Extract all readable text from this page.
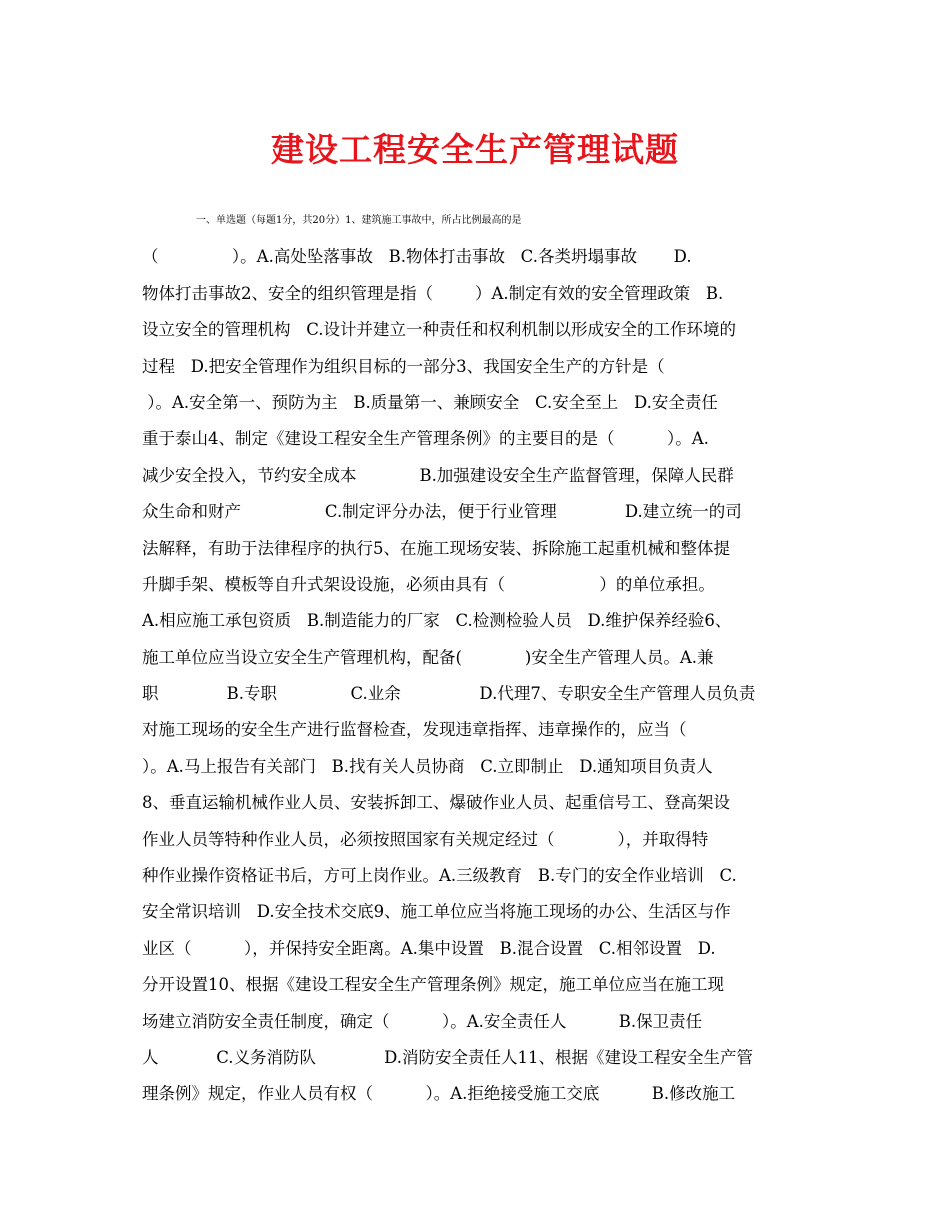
建设工程安全生产管理试题
一、单选题（每题1分，共20分）1、建筑施工事故中，所占比例最高的是
（              ）。A.高处坠落事故   B.物体打击事故   C.各类坍塌事故       D.
物体打击事故2、安全的组织管理是指（        ）A.制定有效的安全管理政策   B.
设立安全的管理机构   C.设计并建立一种责任和权利机制以形成安全的工作环境的
过程   D.把安全管理作为组织目标的一部分3、我国安全生产的方针是（
）。A.安全第一、预防为主   B.质量第一、兼顾安全   C.安全至上   D.安全责任
重于泰山4、制定《建设工程安全生产管理条例》的主要目的是（          ）。A.
减少安全投入，节约安全成本            B.加强建设安全生产监督管理，保障人民群
众生命和财产                C.制定评分办法，便于行业管理             D.建立统一的司
法解释，有助于法律程序的执行5、在施工现场安装、拆除施工起重机械和整体提
升脚手架、模板等自升式架设设施，必须由具有（                  ）的单位承担。
A.相应施工承包资质   B.制造能力的厂家   C.检测检验人员   D.维护保养经验6、
施工单位应当设立安全生产管理机构，配备(            )安全生产管理人员。A.兼
职             B.专职              C.业余               D.代理7、专职安全生产管理人员负责
对施工现场的安全生产进行监督检查，发现违章指挥、违章操作的，应当（
）。A.马上报告有关部门   B.找有关人员协商   C.立即制止   D.通知项目负责人
8、垂直运输机械作业人员、安装拆卸工、爆破作业人员、起重信号工、登高架设
作业人员等特种作业人员，必须按照国家有关规定经过（            ），并取得特
种作业操作资格证书后，方可上岗作业。A.三级教育   B.专门的安全作业培训   C.
安全常识培训   D.安全技术交底9、施工单位应当将施工现场的办公、生活区与作
业区（          ），并保持安全距离。A.集中设置   B.混合设置   C.相邻设置   D.
分开设置10、根据《建设工程安全生产管理条例》规定，施工单位应当在施工现
场建立消防安全责任制度，确定（          ）。A.安全责任人          B.保卫责任
人           C.义务消防队             D.消防安全责任人11、根据《建设工程安全生产管
理条例》规定，作业人员有权（          ）。A.拒绝接受施工交底          B.修改施工
